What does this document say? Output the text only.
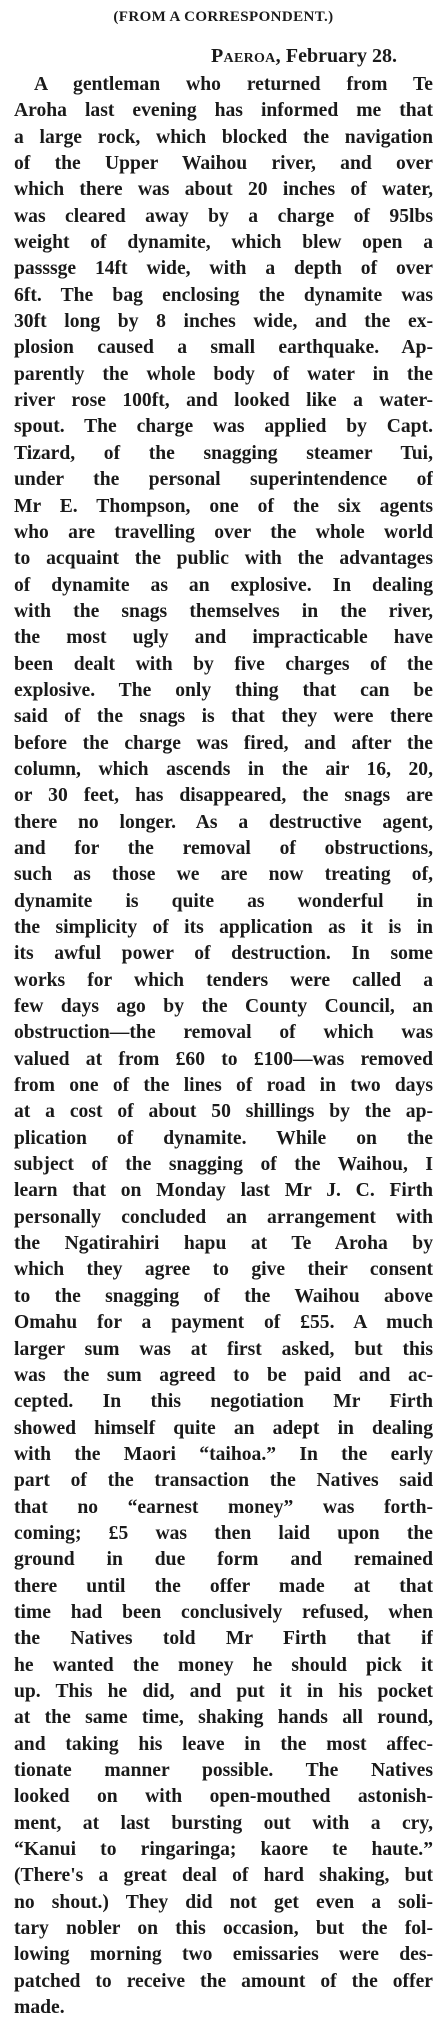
(FROM A CORRESPONDENT.)
Paeroa, February 28.
A gentleman who returned from Te
Aroha last evening has informed me that
a large rock, which blocked the navigation
of the Upper Waihou river, and over
which there was about 20 inches of water,
was cleared away by a charge of 95lbs
weight of dynamite, which blew open a
passsge 14ft wide, with a depth of over
6ft. The bag enclosing the dynamite was
30ft long by 8 inches wide, and the ex-
plosion caused a small earthquake. Ap-
parently the whole body of water in the
river rose 100ft, and looked like a water-
spout. The charge was applied by Capt.
Tizard, of the snagging steamer Tui,
under the personal superintendence of
Mr E. Thompson, one of the six agents
who are travelling over the whole world
to acquaint the public with the advantages
of dynamite as an explosive. In dealing
with the snags themselves in the river,
the most ugly and impracticable have
been dealt with by five charges of the
explosive. The only thing that can be
said of the snags is that they were there
before the charge was fired, and after the
column, which ascends in the air 16, 20,
or 30 feet, has disappeared, the snags are
there no longer. As a destructive agent,
and for the removal of obstructions,
such as those we are now treating of,
dynamite is quite as wonderful in
the simplicity of its application as it is in
its awful power of destruction. In some
works for which tenders were called a
few days ago by the County Council, an
obstruction—the removal of which was
valued at from £60 to £100—was removed
from one of the lines of road in two days
at a cost of about 50 shillings by the ap-
plication of dynamite. While on the
subject of the snagging of the Waihou, I
learn that on Monday last Mr J. C. Firth
personally concluded an arrangement with
the Ngatirahiri hapu at Te Aroha by
which they agree to give their consent
to the snagging of the Waihou above
Omahu for a payment of £55. A much
larger sum was at first asked, but this
was the sum agreed to be paid and ac-
cepted. In this negotiation Mr Firth
showed himself quite an adept in dealing
with the Maori “taihoa.” In the early
part of the transaction the Natives said
that no “earnest money” was forth-
coming; £5 was then laid upon the
ground in due form and remained
there until the offer made at that
time had been conclusively refused, when
the Natives told Mr Firth that if
he wanted the money he should pick it
up. This he did, and put it in his pocket
at the same time, shaking hands all round,
and taking his leave in the most affec-
tionate manner possible. The Natives
looked on with open-mouthed astonish-
ment, at last bursting out with a cry,
“Kanui to ringaringa; kaore te haute.”
(There's a great deal of hard shaking, but
no shout.) They did not get even a soli-
tary nobler on this occasion, but the fol-
lowing morning two emissaries were des-
patched to receive the amount of the offer
made.
